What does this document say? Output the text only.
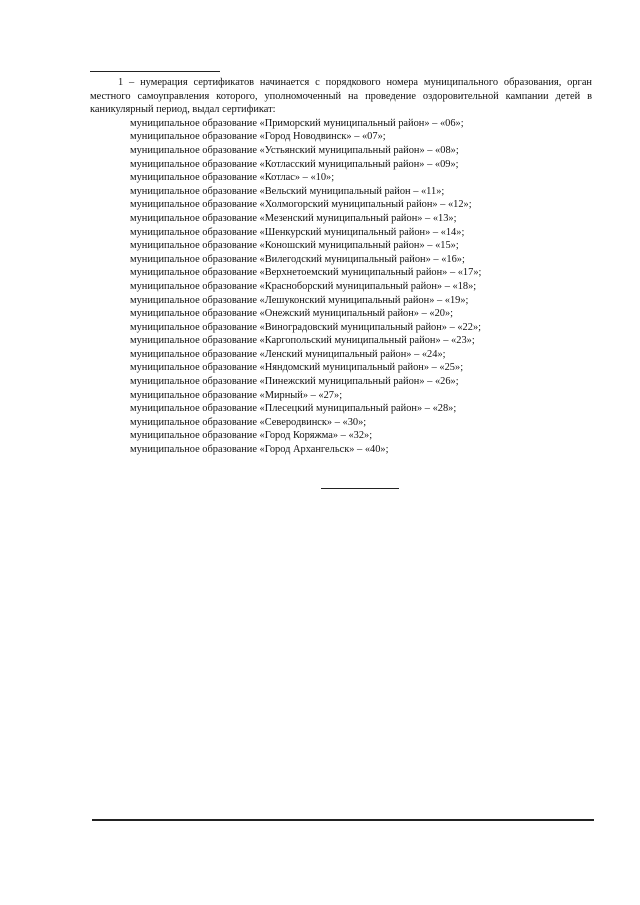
1 – нумерация сертификатов начинается с порядкового номера муниципального образования, орган местного самоуправления которого, уполномоченный на проведение оздоровительной кампании детей в каникулярный период, выдал сертификат:

муниципальное образование «Приморский муниципальный район» – «06»;
муниципальное образование «Город Новодвинск» – «07»;
муниципальное образование «Устьянский муниципальный район» – «08»;
муниципальное образование «Котласский муниципальный район» – «09»;
муниципальное образование «Котлас» – «10»;
муниципальное образование «Вельский муниципальный район – «11»;
муниципальное образование «Холмогорский муниципальный район» – «12»;
муниципальное образование «Мезенский муниципальный район» – «13»;
муниципальное образование «Шенкурский муниципальный район» – «14»;
муниципальное образование «Коношский муниципальный район» – «15»;
муниципальное образование «Вилегодский муниципальный район» – «16»;
муниципальное образование «Верхнетоемский муниципальный район» – «17»;
муниципальное образование «Красноборский муниципальный район» – «18»;
муниципальное образование «Лешуконский муниципальный район» – «19»;
муниципальное образование «Онежский муниципальный район» – «20»;
муниципальное образование «Виноградовский муниципальный район» – «22»;
муниципальное образование «Каргопольский муниципальный район» – «23»;
муниципальное образование «Ленский муниципальный район» – «24»;
муниципальное образование «Няндомский муниципальный район» – «25»;
муниципальное образование «Пинежский муниципальный район» – «26»;
муниципальное образование «Мирный» – «27»;
муниципальное образование «Плесецкий муниципальный район» – «28»;
муниципальное образование «Северодвинск» – «30»;
муниципальное образование «Город Коряжма» – «32»;
муниципальное образование «Город Архангельск» – «40»;
